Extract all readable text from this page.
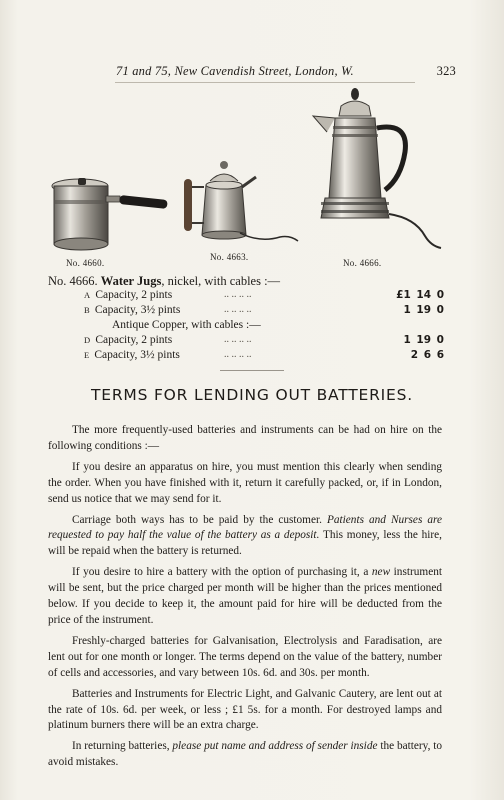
71 and 75, New Cavendish Street, London, W.	323
No. 4660.
No. 4663.
No. 4666.
No. 4666. Water Jugs, nickel, with cables :—
A Capacity, 2 pints	.. .. .. ..	£1 14 0
B Capacity, 3½ pints	.. .. .. ..	1 19 0
Antique Copper, with cables :—
D Capacity, 2 pints	.. .. .. ..	1 19 0
E Capacity, 3½ pints	.. .. .. ..	2 6 6
TERMS FOR LENDING OUT BATTERIES.

The more frequently-used batteries and instruments can be had on hire on the following conditions :—

If you desire an apparatus on hire, you must mention this clearly when sending the order. When you have finished with it, return it carefully packed, or, if in London, send us notice that we may send for it.

Carriage both ways has to be paid by the customer. Patients and Nurses are requested to pay half the value of the battery as a deposit. This money, less the hire, will be repaid when the battery is returned.

If you desire to hire a battery with the option of purchasing it, a new instrument will be sent, but the price charged per month will be higher than the prices mentioned below. If you decide to keep it, the amount paid for hire will be deducted from the price of the instrument.

Freshly-charged batteries for Galvanisation, Electrolysis and Faradisation, are lent out for one month or longer. The terms depend on the value of the battery, number of cells and accessories, and vary between 10s. 6d. and 30s. per month.

Batteries and Instruments for Electric Light, and Galvanic Cautery, are lent out at the rate of 10s. 6d. per week, or less ; £1 5s. for a month. For destroyed lamps and platinum burners there will be an extra charge.

In returning batteries, please put name and address of sender inside the battery, to avoid mistakes.
